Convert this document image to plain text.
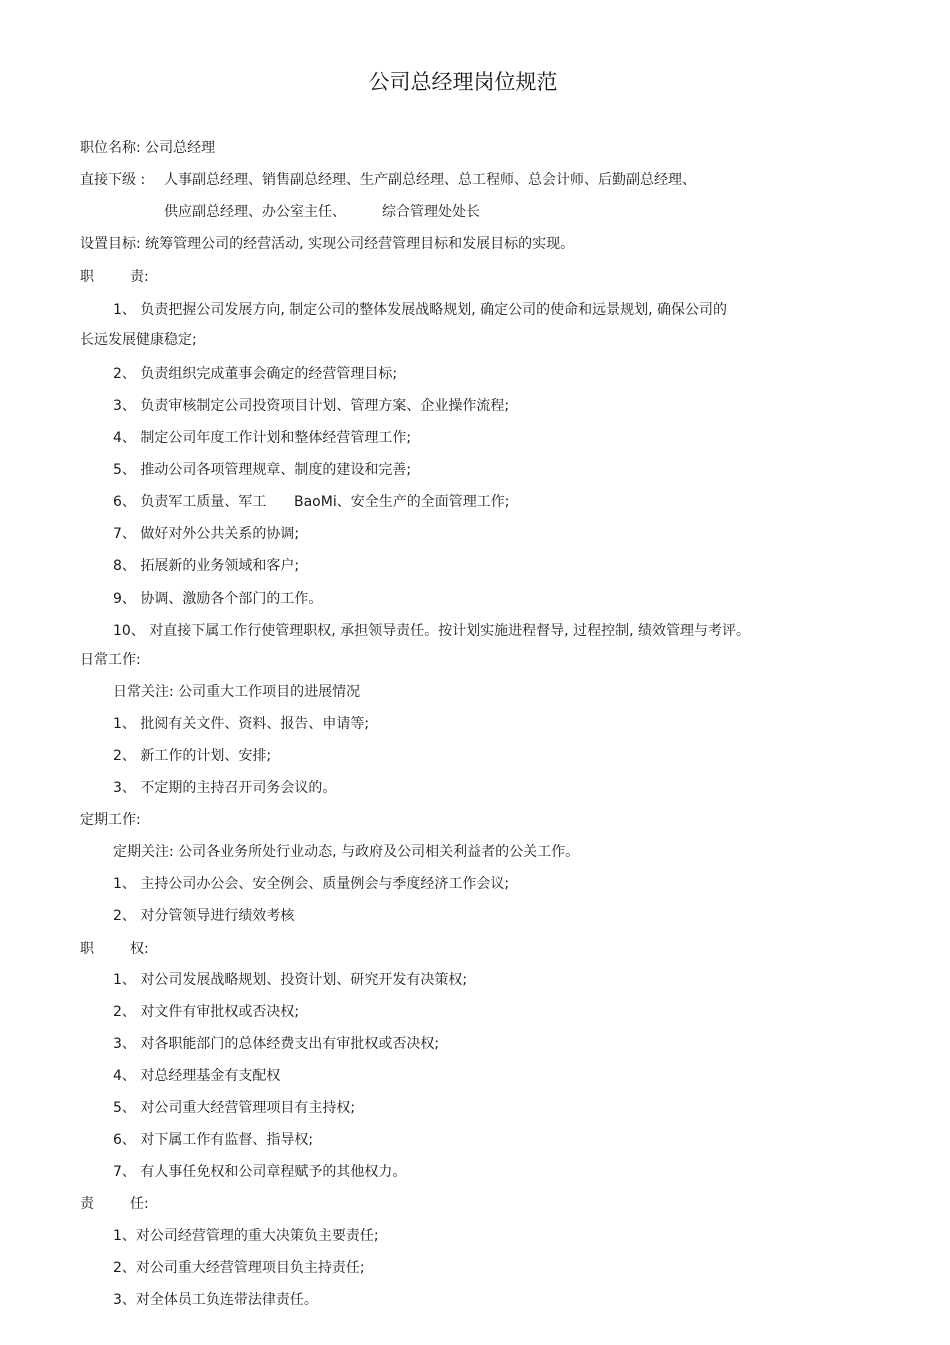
公司总经理岗位规范
职位名称: 公司总经理
直接下级 : 人事副总经理、销售副总经理、生产副总经理、总工程师、总会计师、后勤副总经理、
供应副总经理、办公室主任、	综合管理处处长
设置目标: 统筹管理公司的经营活动, 实现公司经营管理目标和发展目标的实现。
职	责:
1、 负责把握公司发展方向, 制定公司的整体发展战略规划, 确定公司的使命和远景规划, 确保公司的
长远发展健康稳定;
2、 负责组织完成董事会确定的经营管理目标;
3、 负责审核制定公司投资项目计划、管理方案、企业操作流程;
4、 制定公司年度工作计划和整体经营管理工作;
5、 推动公司各项管理规章、制度的建设和完善;
6、 负责军工质量、军工 BaoMi、安全生产的全面管理工作;
7、 做好对外公共关系的协调;
8、 拓展新的业务领域和客户;
9、 协调、激励各个部门的工作。
10、 对直接下属工作行使管理职权, 承担领导责任。按计划实施进程督导, 过程控制, 绩效管理与考评。
日常工作:
日常关注: 公司重大工作项目的进展情况
1、 批阅有关文件、资料、报告、申请等;
2、 新工作的计划、安排;
3、 不定期的主持召开司务会议的。
定期工作:
定期关注: 公司各业务所处行业动态, 与政府及公司相关利益者的公关工作。
1、 主持公司办公会、安全例会、质量例会与季度经济工作会议;
2、 对分管领导进行绩效考核
职	权:
1、 对公司发展战略规划、投资计划、研究开发有决策权;
2、 对文件有审批权或否决权;
3、 对各职能部门的总体经费支出有审批权或否决权;
4、 对总经理基金有支配权
5、 对公司重大经营管理项目有主持权;
6、 对下属工作有监督、指导权;
7、 有人事任免权和公司章程赋予的其他权力。
责	任:
1、对公司经营管理的重大决策负主要责任;
2、对公司重大经营管理项目负主持责任;
3、对全体员工负连带法律责任。
